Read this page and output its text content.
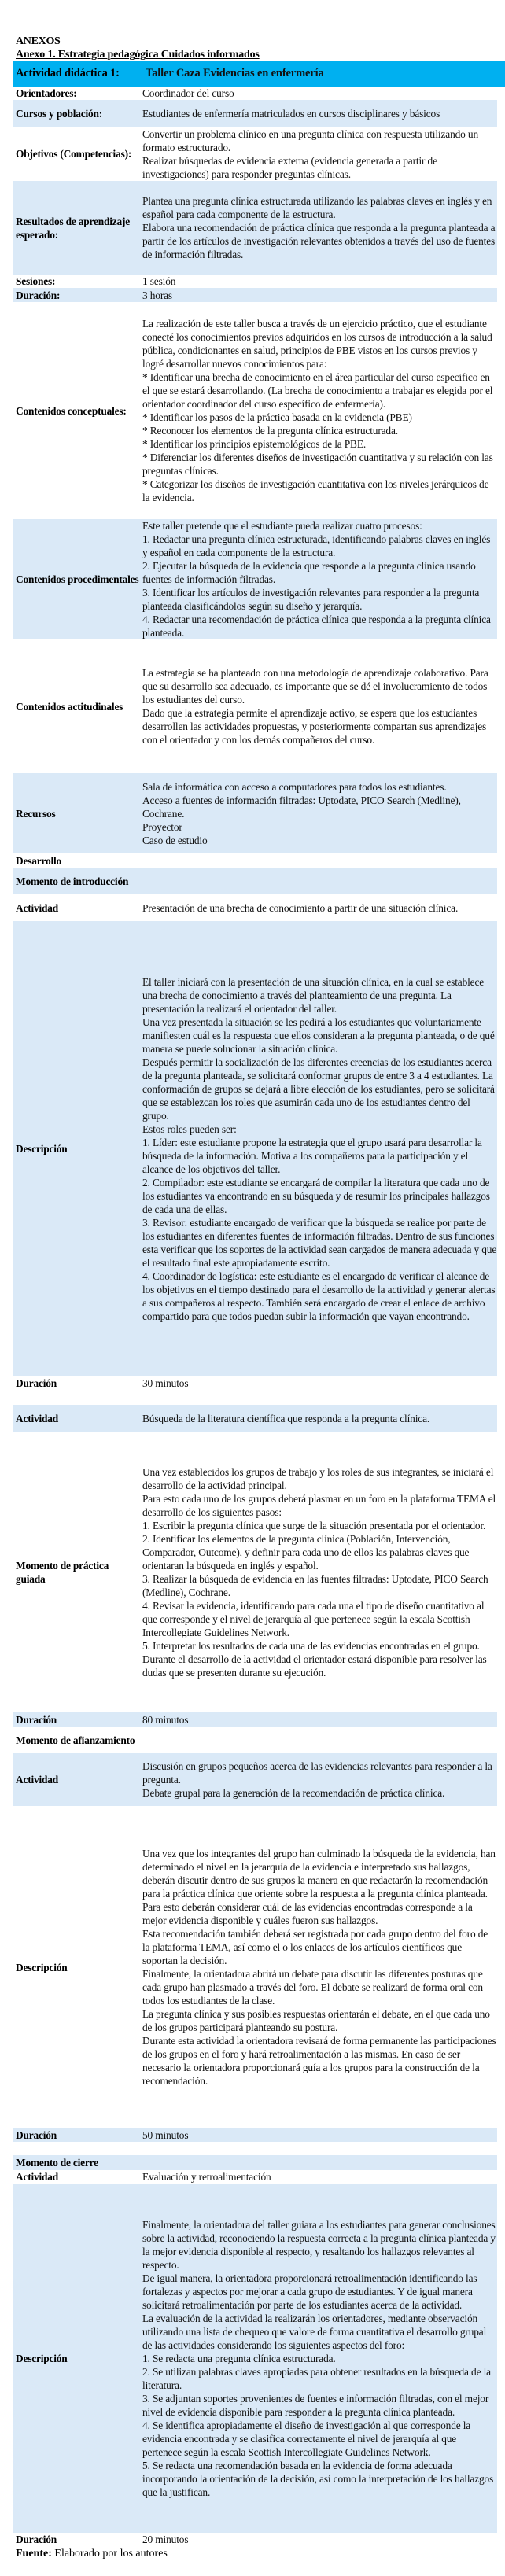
ANEXOS
Anexo 1. Estrategia pedagógica Cuidados informados
Actividad didáctica 1:	Taller Caza Evidencias en enfermería	
Orientadores:	Coordinador del curso	

Cursos y población:	Estudiantes de enfermería matriculados en cursos disciplinares y básicos	

Objetivos (Competencias):	Convertir un problema clínico en una pregunta clínica con respuesta utilizando un formato estructurado.
Realizar búsquedas de evidencia externa (evidencia generada a partir de investigaciones) para responder preguntas clínicas.	

Resultados de aprendizaje esperado:	Plantea una pregunta clínica estructurada utilizando las palabras claves en inglés y en español para cada componente de la estructura.
Elabora una recomendación de práctica clínica que responda a la pregunta planteada a partir de los artículos de investigación relevantes obtenidos a través del uso de fuentes de información filtradas.	

Sesiones:	1 sesión	

Duración:	3 horas	

Contenidos conceptuales:	
La realización de este taller busca a través de un ejercicio práctico, que el estudiante conecté los conocimientos previos adquiridos en los cursos de introducción a la salud pública, condicionantes en salud, principios de PBE vistos en los cursos previos y logré desarrollar nuevos conocimientos para:
* Identificar una brecha de conocimiento en el área particular del curso especifico en el que se estará desarrollando. (La brecha de conocimiento a trabajar es elegida por el orientador coordinador del curso específico de enfermería).
* Identificar los pasos de la práctica basada en la evidencia (PBE)
* Reconocer los elementos de la pregunta clínica estructurada.
* Identificar los principios epistemológicos de la PBE.
* Diferenciar los diferentes diseños de investigación cuantitativa y su relación con las preguntas clínicas.
* Categorizar los diseños de investigación cuantitativa con los niveles jerárquicos de la evidencia.

Contenidos procedimentales	Este taller pretende que el estudiante pueda realizar cuatro procesos:
1. Redactar una pregunta clínica estructurada, identificando palabras claves en inglés y español en cada componente de la estructura.
2. Ejecutar la búsqueda de la evidencia que responde a la pregunta clínica usando fuentes de información filtradas.
3. Identificar los artículos de investigación relevantes para responder a la pregunta planteada clasificándolos según su diseño y jerarquía.
4. Redactar una recomendación de práctica clínica que responda a la pregunta clínica planteada.	

Contenidos actitudinales	La estrategia se ha planteado con una metodología de aprendizaje colaborativo. Para que su desarrollo sea adecuado, es importante que se dé el involucramiento de todos los estudiantes del curso.
Dado que la estrategia permite el aprendizaje activo, se espera que los estudiantes desarrollen las actividades propuestas, y posteriormente compartan sus aprendizajes con el orientador y con los demás compañeros del curso.	

Recursos	Sala de informática con acceso a computadores para todos los estudiantes.
Acceso a fuentes de información filtradas: Uptodate, PICO Search (Medline), Cochrane.
Proyector
Caso de estudio	

Desarrollo		
Momento de introducción		
Actividad	Presentación de una brecha de conocimiento a partir de una situación clínica.	

Descripción	
El taller iniciará con la presentación de una situación clínica, en la cual se establece una brecha de conocimiento a través del planteamiento de una pregunta. La presentación la realizará el orientador del taller.
Una vez presentada la situación se les pedirá a los estudiantes que voluntariamente manifiesten cuál es la respuesta que ellos consideran a la pregunta planteada, o de qué manera se puede solucionar la situación clínica.
Después permitir la socialización de las diferentes creencias de los estudiantes acerca de la pregunta planteada, se solicitará conformar grupos de entre 3 a 4 estudiantes. La conformación de grupos se dejará a libre elección de los estudiantes, pero se solicitará que se establezcan los roles que asumirán cada uno de los estudiantes dentro del grupo.
Estos roles pueden ser:
1. Líder: este estudiante propone la estrategia que el grupo usará para desarrollar la búsqueda de la información. Motiva a los compañeros para la participación y el alcance de los objetivos del taller.
2. Compilador: este estudiante se encargará de compilar la literatura que cada uno de los estudiantes va encontrando en su búsqueda y de resumir los principales hallazgos de cada una de ellas.
3. Revisor: estudiante encargado de verificar que la búsqueda se realice por parte de los estudiantes en diferentes fuentes de información filtradas. Dentro de sus funciones esta verificar que los soportes de la actividad sean cargados de manera adecuada y que el resultado final este apropiadamente escrito.
4. Coordinador de logística: este estudiante es el encargado de verificar el alcance de los objetivos en el tiempo destinado para el desarrollo de la actividad y generar alertas a sus compañeros al respecto. También será encargado de crear el enlace de archivo compartido para que todos puedan subir la información que vayan encontrando.

Duración	30 minutos	

Actividad	Búsqueda de la literatura científica que responda a la pregunta clínica.	

Momento de práctica guiada	
Una vez establecidos los grupos de trabajo y los roles de sus integrantes, se iniciará el desarrollo de la actividad principal.
Para esto cada uno de los grupos deberá plasmar en un foro en la plataforma TEMA el desarrollo de los siguientes pasos:
1. Escribir la pregunta clínica que surge de la situación presentada por el orientador.
2. Identificar los elementos de la pregunta clínica (Población, Intervención, Comparador, Outcome), y definir para cada uno de ellos las palabras claves que orientaran la búsqueda en inglés y español.
3. Realizar la búsqueda de evidencia en las fuentes filtradas: Uptodate, PICO Search (Medline), Cochrane.
4. Revisar la evidencia, identificando para cada una el tipo de diseño cuantitativo al que corresponde y el nivel de jerarquía al que pertenece según la escala Scottish Intercollegiate Guidelines Network.
5. Interpretar los resultados de cada una de las evidencias encontradas en el grupo.
Durante el desarrollo de la actividad el orientador estará disponible para resolver las dudas que se presenten durante su ejecución.

Duración	80 minutos	

Momento de afianzamiento		
Actividad	Discusión en grupos pequeños acerca de las evidencias relevantes para responder a la pregunta.
Debate grupal para la generación de la recomendación de práctica clínica.	

Descripción	
Una vez que los integrantes del grupo han culminado la búsqueda de la evidencia, han determinado el nivel en la jerarquía de la evidencia e interpretado sus hallazgos, deberán discutir dentro de sus grupos la manera en que redactarán la recomendación para la práctica clínica que oriente sobre la respuesta a la pregunta clínica planteada.
Para esto deberán considerar cuál de las evidencias encontradas corresponde a la mejor evidencia disponible y cuáles fueron sus hallazgos.
Esta recomendación también deberá ser registrada por cada grupo dentro del foro de la plataforma TEMA, así como el o los enlaces de los artículos científicos que soportan la decisión.
Finalmente, la orientadora abrirá un debate para discutir las diferentes posturas que cada grupo han plasmado a través del foro. El debate se realizará de forma oral con todos los estudiantes de la clase.
La pregunta clínica y sus posibles respuestas orientarán el debate, en el que cada uno de los grupos participará planteando su postura.
Durante esta actividad la orientadora revisará de forma permanente las participaciones de los grupos en el foro y hará retroalimentación a las mismas. En caso de ser necesario la orientadora proporcionará guía a los grupos para la construcción de la recomendación.

Duración	50 minutos	

Momento de cierre		
Actividad	Evaluación y retroalimentación	

Descripción	
Finalmente, la orientadora del taller guiara a los estudiantes para generar conclusiones sobre la actividad, reconociendo la respuesta correcta a la pregunta clínica planteada y la mejor evidencia disponible al respecto, y resaltando los hallazgos relevantes al respecto.
De igual manera, la orientadora proporcionará retroalimentación identificando las fortalezas y aspectos por mejorar a cada grupo de estudiantes. Y de igual manera solicitará retroalimentación por parte de los estudiantes acerca de la actividad.
La evaluación de la actividad la realizarán los orientadores, mediante observación utilizando una lista de chequeo que valore de forma cuantitativa el desarrollo grupal de las actividades considerando los siguientes aspectos del foro:
1. Se redacta una pregunta clínica estructurada.
2. Se utilizan palabras claves apropiadas para obtener resultados en la búsqueda de la literatura.
3. Se adjuntan soportes provenientes de fuentes e información filtradas, con el mejor nivel de evidencia disponible para responder a la pregunta clínica planteada.
4. Se identifica apropiadamente el diseño de investigación al que corresponde la evidencia encontrada y se clasifica correctamente el nivel de jerarquía al que pertenece según la escala Scottish Intercollegiate Guidelines Network.
5. Se redacta una recomendación basada en la evidencia de forma adecuada incorporando la orientación de la decisión, así como la interpretación de los hallazgos que la justifican.

Duración	20 minutos	

Fuente: Elaborado por los autores
